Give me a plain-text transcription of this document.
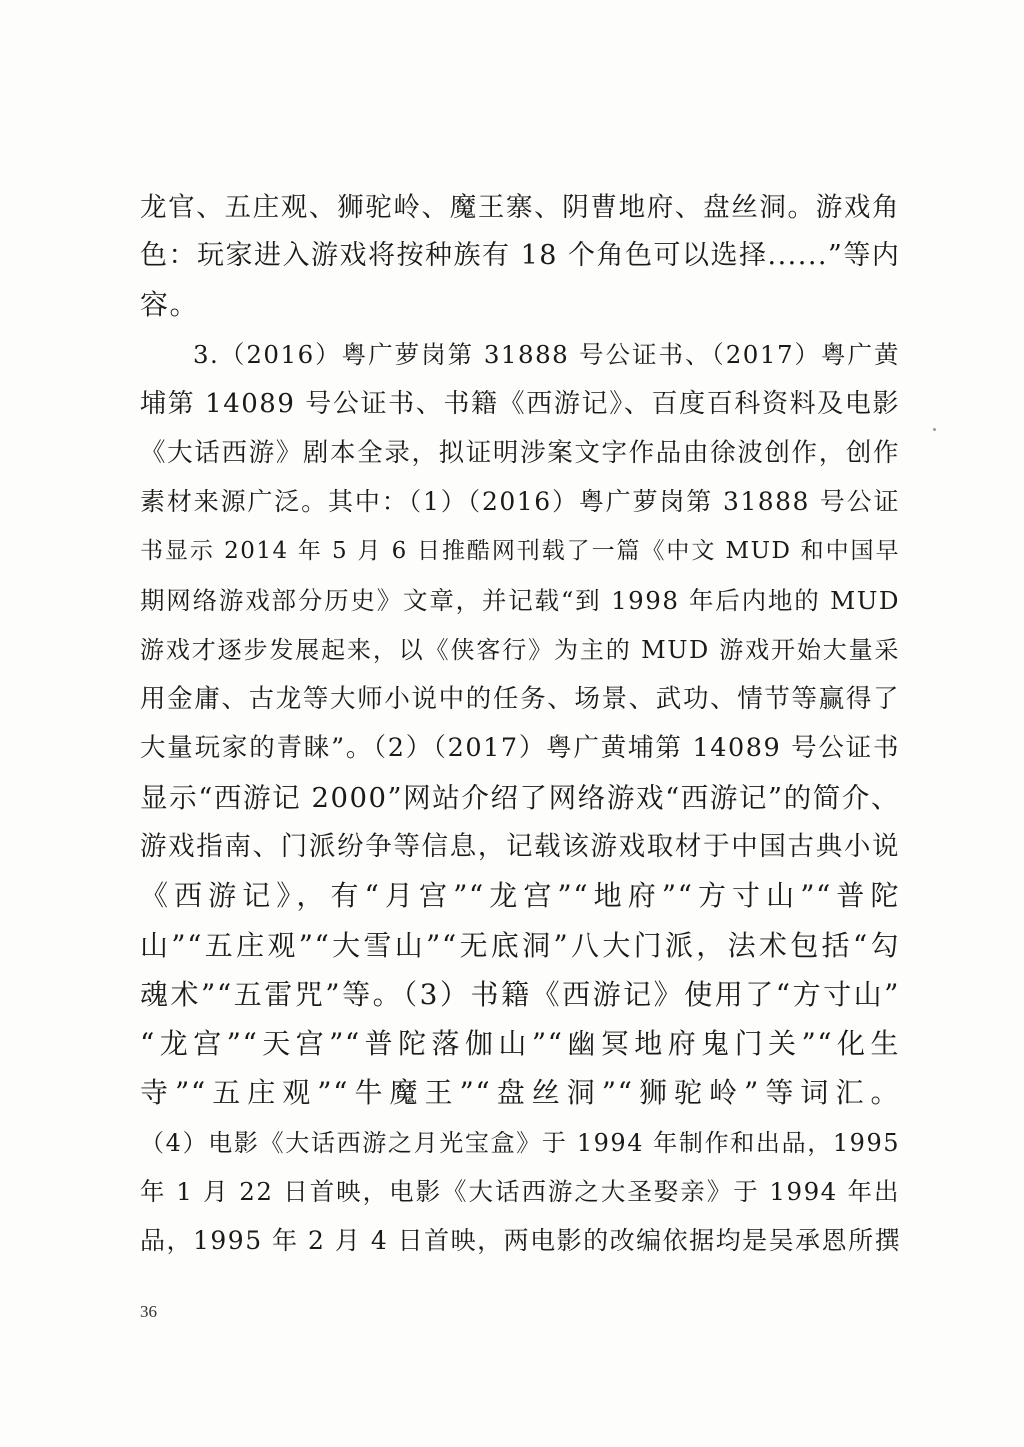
龙官、五庄观、狮驼岭、魔王寨、阴曹地府、盘丝洞。游戏角
色：玩家进入游戏将按种族有 18 个角色可以选择......”等内
容。
　　3.（2016）粤广萝岗第 31888 号公证书、（2017）粤广黄
埔第 14089 号公证书、书籍《西游记》、百度百科资料及电影
《大话西游》剧本全录，拟证明涉案文字作品由徐波创作，创作
素材来源广泛。其中：（1）（2016）粤广萝岗第 31888 号公证
书显示 2014 年 5 月 6 日推酷网刊载了一篇《中文 MUD 和中国早
期网络游戏部分历史》文章，并记载“到 1998 年后内地的 MUD
游戏才逐步发展起来，以《侠客行》为主的 MUD 游戏开始大量采
用金庸、古龙等大师小说中的任务、场景、武功、情节等赢得了
大量玩家的青睐”。（2）（2017）粤广黄埔第 14089 号公证书
显示“西游记 2000”网站介绍了网络游戏“西游记”的简介、
游戏指南、门派纷争等信息，记载该游戏取材于中国古典小说
《西游记》，有“月宫”“龙宫”“地府”“方寸山”“普陀
山”“五庄观”“大雪山”“无底洞”八大门派，法术包括“勾
魂术”“五雷咒”等。（3）书籍《西游记》使用了“方寸山”
“龙宫”“天宫”“普陀落伽山”“幽冥地府鬼门关”“化生
寺”“五庄观”“牛魔王”“盘丝洞”“狮驼岭”等词汇。
（4）电影《大话西游之月光宝盒》于 1994 年制作和出品，1995
年 1 月 22 日首映，电影《大话西游之大圣娶亲》于 1994 年出
品，1995 年 2 月 4 日首映，两电影的改编依据均是吴承恩所撰
36
